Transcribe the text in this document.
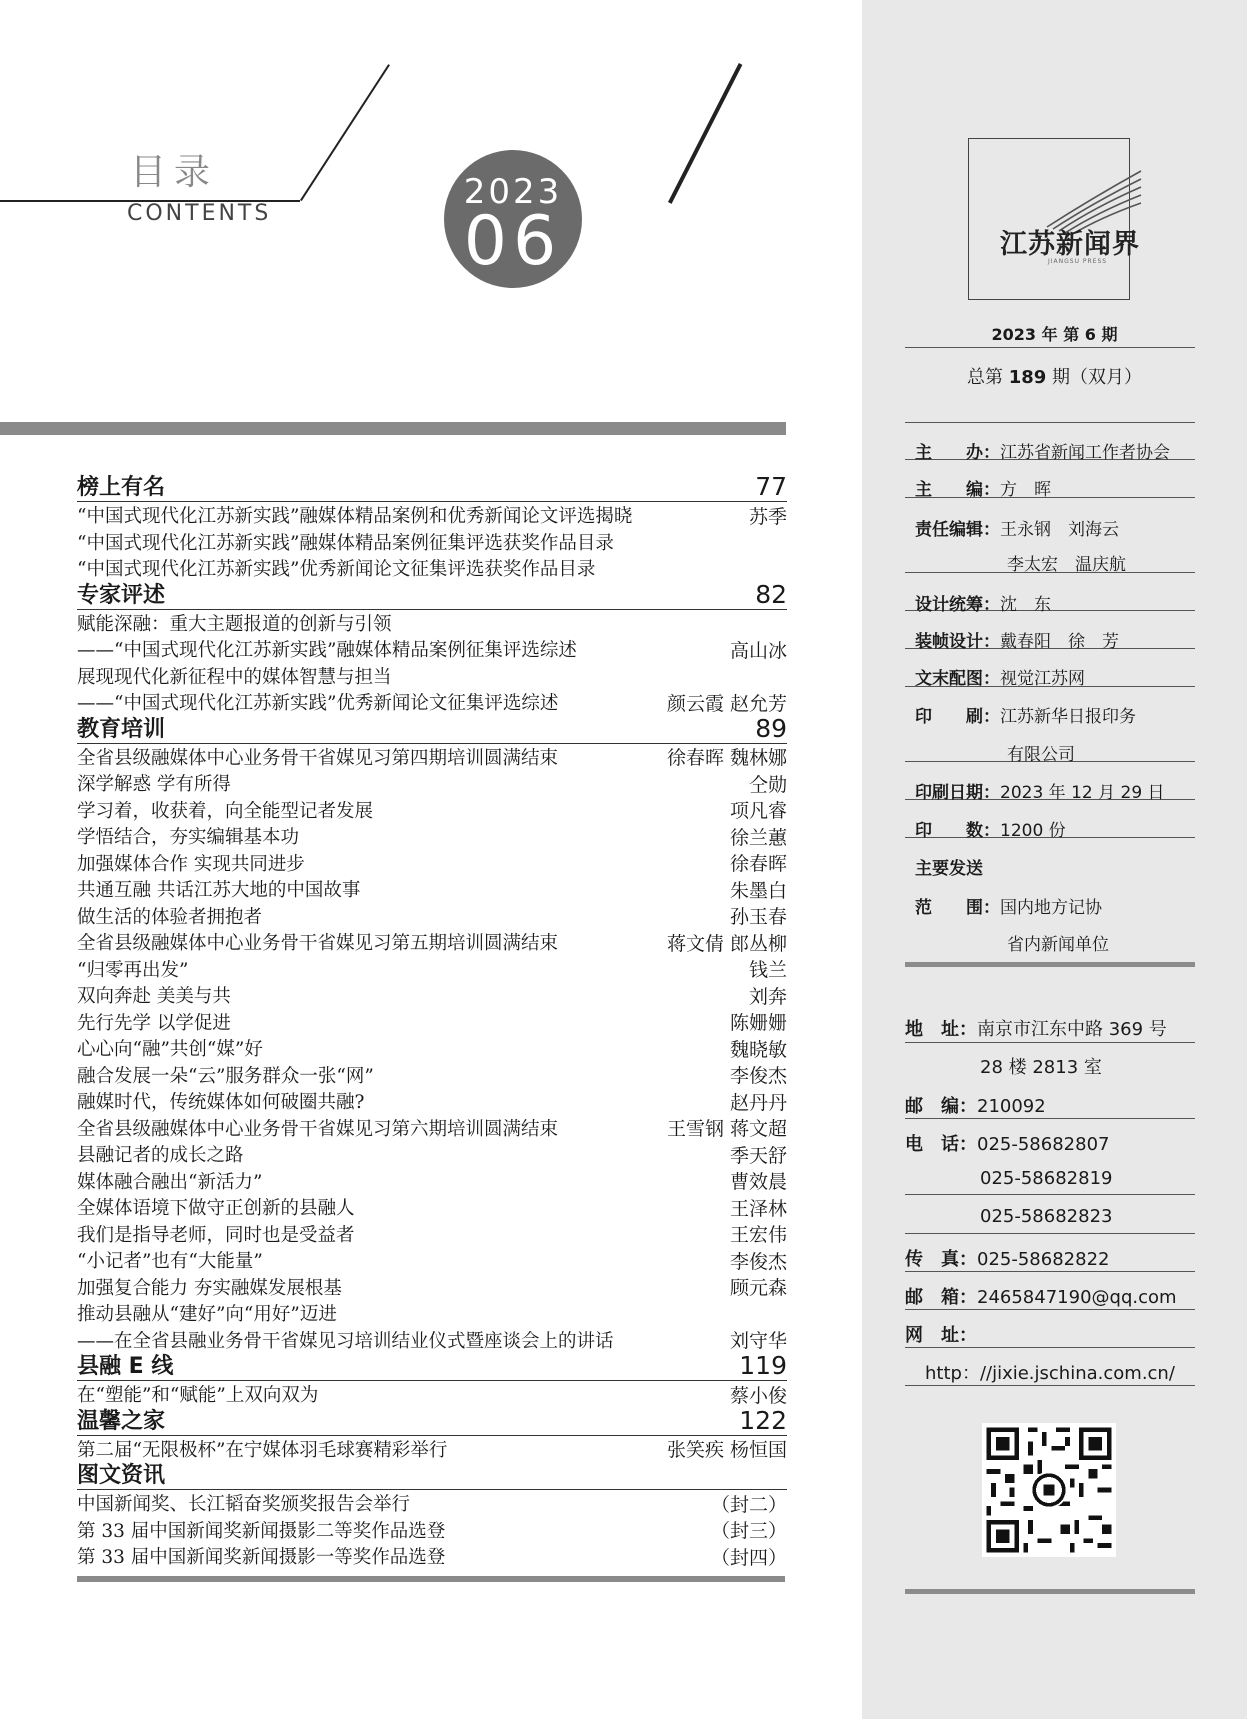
目录
CONTENTS
2023
06
榜上有名	77
“中国式现代化江苏新实践”融媒体精品案例和优秀新闻论文评选揭晓	苏季
“中国式现代化江苏新实践”融媒体精品案例征集评选获奖作品目录
“中国式现代化江苏新实践”优秀新闻论文征集评选获奖作品目录
专家评述	82
赋能深融：重大主题报道的创新与引领
——“中国式现代化江苏新实践”融媒体精品案例征集评选综述	高山冰
展现现代化新征程中的媒体智慧与担当
——“中国式现代化江苏新实践”优秀新闻论文征集评选综述	颜云霞 赵允芳
教育培训	89
全省县级融媒体中心业务骨干省媒见习第四期培训圆满结束	徐春晖 魏林娜
深学解惑 学有所得	仝勋
学习着，收获着，向全能型记者发展	项凡睿
学悟结合，夯实编辑基本功	徐兰蕙
加强媒体合作 实现共同进步	徐春晖
共通互融 共话江苏大地的中国故事	朱墨白
做生活的体验者拥抱者	孙玉春
全省县级融媒体中心业务骨干省媒见习第五期培训圆满结束	蒋文倩 郎丛柳
“归零再出发”	钱兰
双向奔赴 美美与共	刘奔
先行先学 以学促进	陈姗姗
心心向“融”共创“媒”好	魏晓敏
融合发展一朵“云”服务群众一张“网”	李俊杰
融媒时代，传统媒体如何破圈共融?	赵丹丹
全省县级融媒体中心业务骨干省媒见习第六期培训圆满结束	王雪钢 蒋文超
县融记者的成长之路	季天舒
媒体融合融出“新活力”	曹效晨
全媒体语境下做守正创新的县融人	王泽林
我们是指导老师，同时也是受益者	王宏伟
“小记者”也有“大能量”	李俊杰
加强复合能力 夯实融媒发展根基	顾元森
推动县融从“建好”向“用好”迈进
——在全省县融业务骨干省媒见习培训结业仪式暨座谈会上的讲话	刘守华
县融 E 线	119
在“塑能”和“赋能”上双向双为	蔡小俊
温馨之家	122
第二届“无限极杯”在宁媒体羽毛球赛精彩举行	张笑疾 杨恒国
图文资讯
中国新闻奖、长江韬奋奖颁奖报告会举行	（封二）
第 33 届中国新闻奖新闻摄影二等奖作品选登	（封三）
第 33 届中国新闻奖新闻摄影一等奖作品选登	（封四）
江苏新闻界
JIANGSU PRESS
2023 年 第 6 期
总第 189 期（双月）
主　　办：江苏省新闻工作者协会
主　　编：方　晖
责任编辑：王永钢　刘海云
李太宏　温庆航
设计统筹：沈　东
装帧设计：戴春阳　徐　芳
文末配图：视觉江苏网
印　　刷：江苏新华日报印务
有限公司
印刷日期：2023 年 12 月 29 日
印　　数：1200 份
主要发送
范　　围：国内地方记协
省内新闻单位
地　址：南京市江东中路 369 号
28 楼 2813 室
邮　编：210092
电　话：025-58682807
025-58682819
025-58682823
传　真：025-58682822
邮　箱：2465847190@qq.com
网　址：
http：//jixie.jschina.com.cn/
